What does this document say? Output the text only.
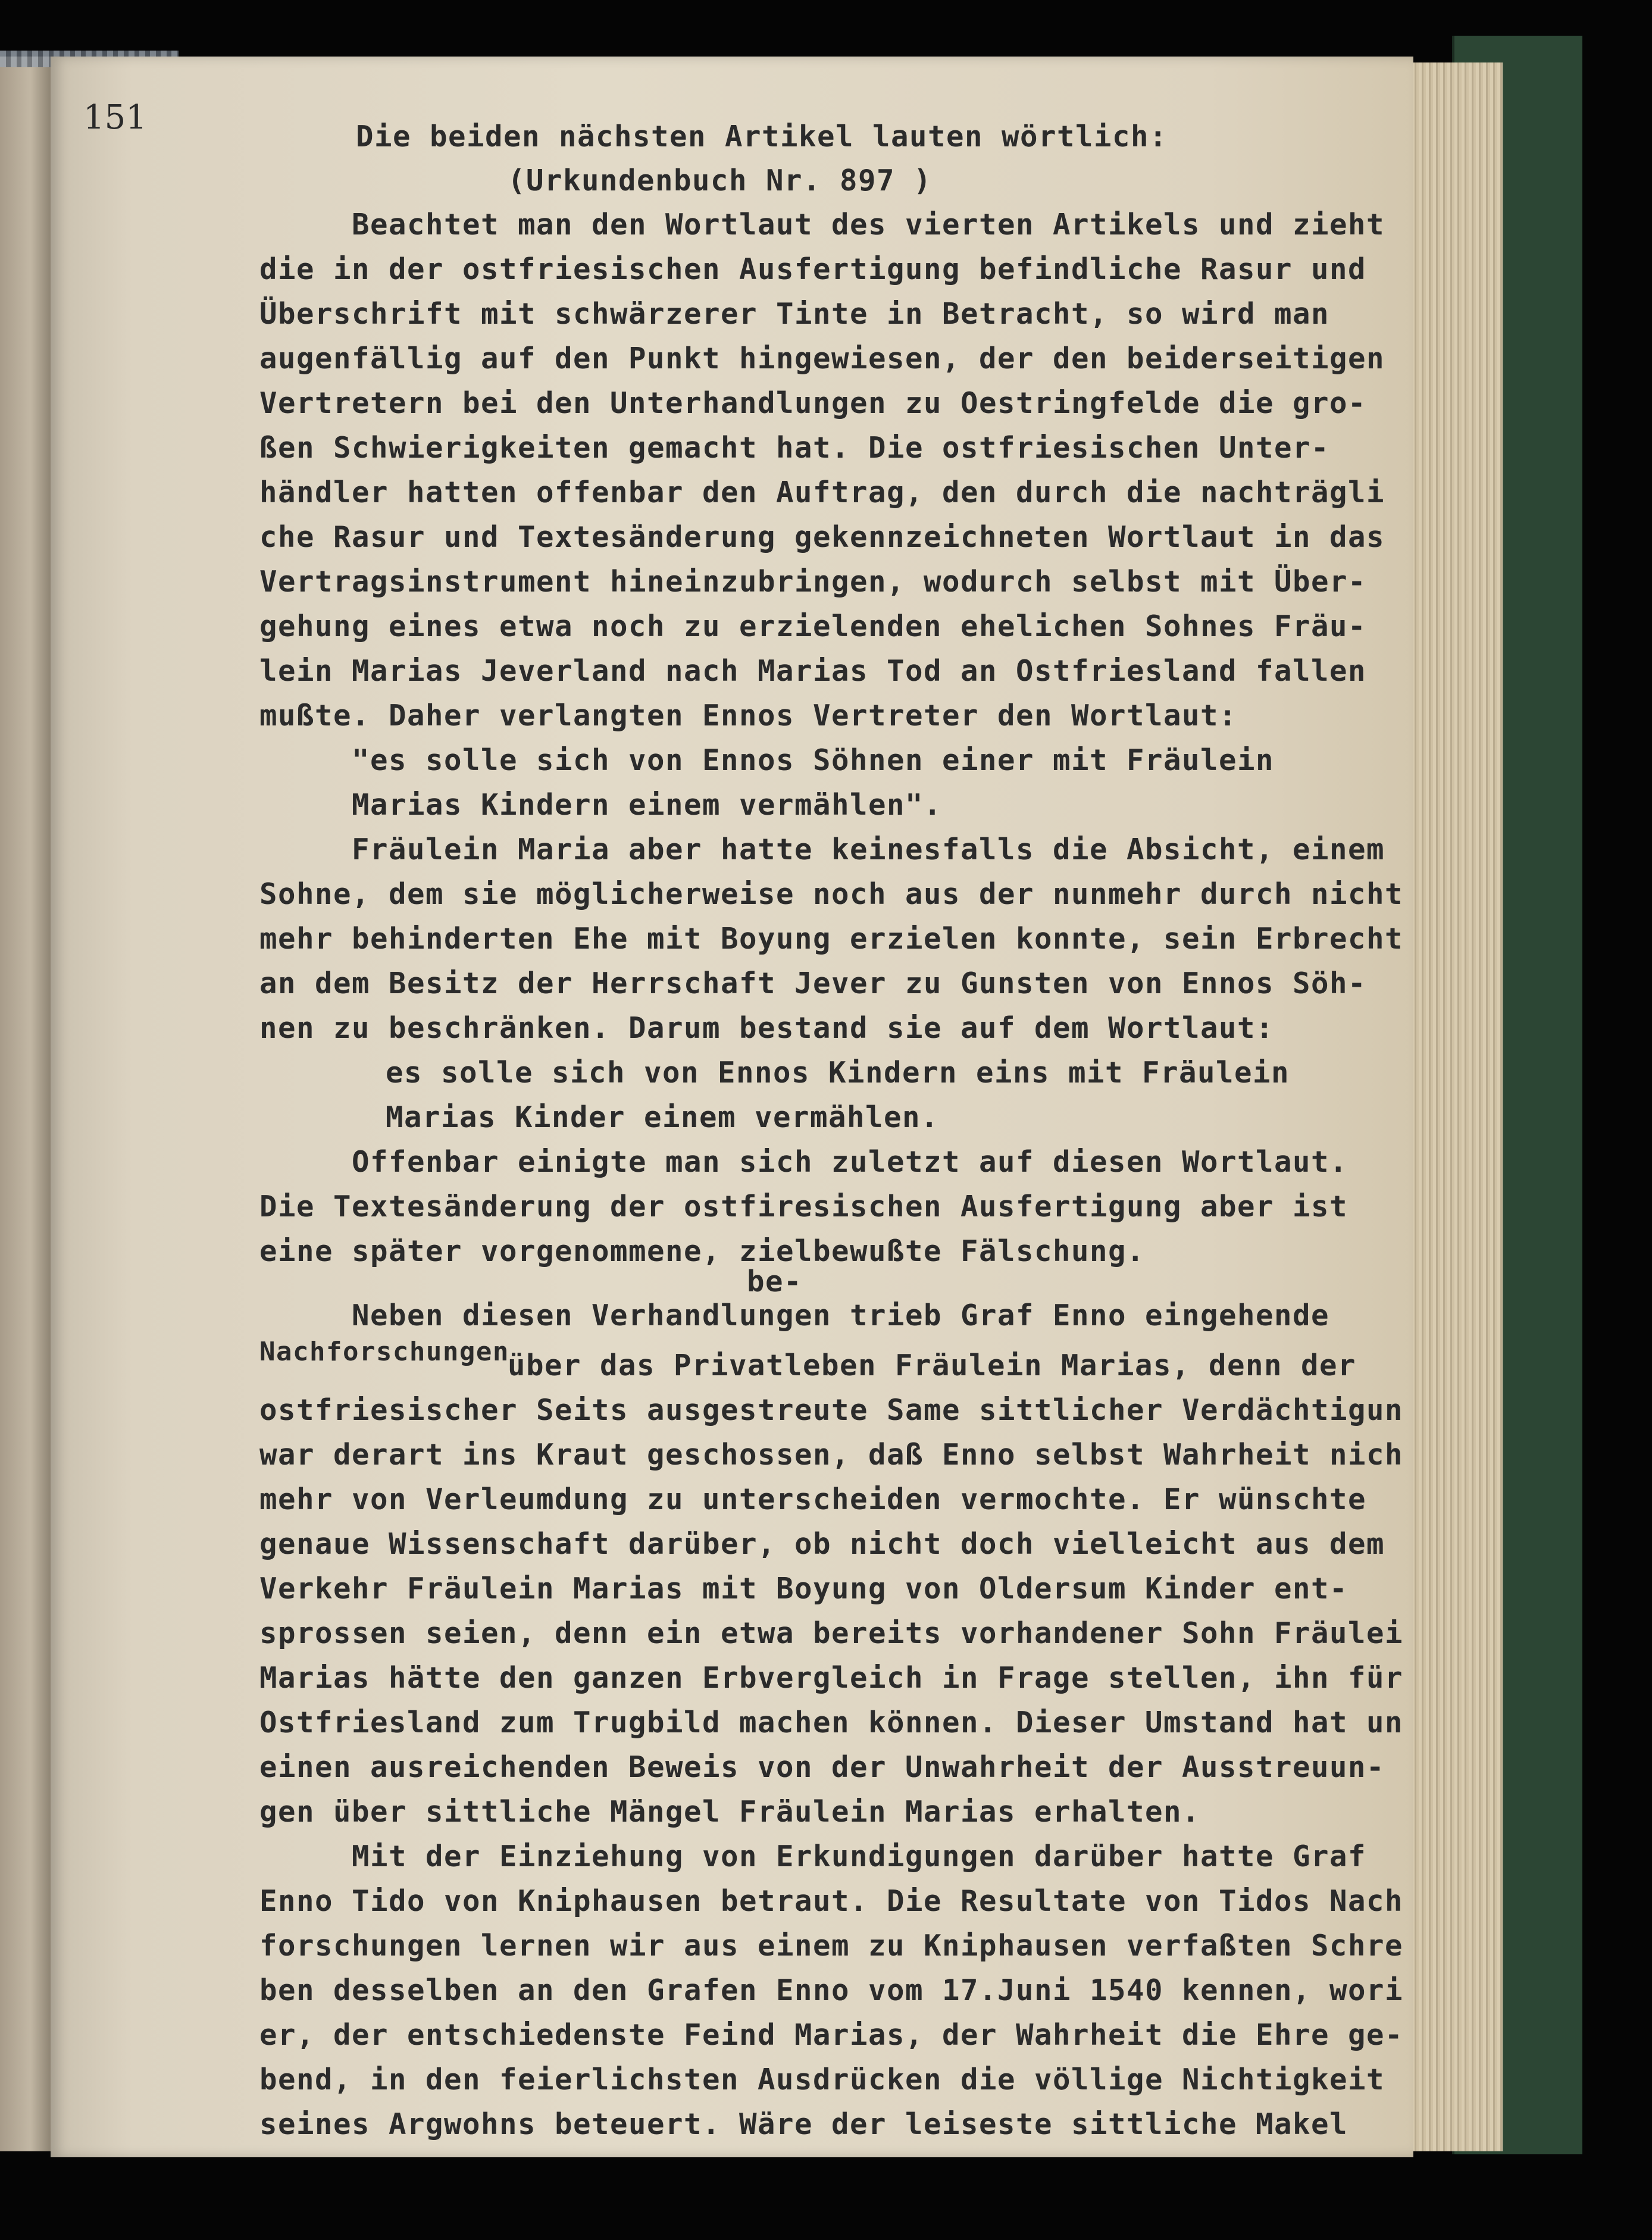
151

	Die beiden nächsten Artikel lauten wörtlich:

(Urkundenbuch Nr. 897 )

Beachtet man den Wortlaut des vierten Artikels und zieht

die in der ostfriesischen Ausfertigung befindliche Rasur und

Überschrift mit schwärzerer Tinte in Betracht, so wird man

augenfällig auf den Punkt hingewiesen, der den beiderseitigen

Vertretern bei den Unterhandlungen zu Oestringfelde die gro-

ßen Schwierigkeiten gemacht hat. Die ostfriesischen Unter-

händler hatten offenbar den Auftrag, den durch die nachträgli

che Rasur und Textesänderung gekennzeichneten Wortlaut in das

Vertragsinstrument hineinzubringen, wodurch selbst mit Über-

gehung eines etwa noch zu erzielenden ehelichen Sohnes Fräu-

lein Marias Jeverland nach Marias Tod an Ostfriesland fallen

mußte. Daher verlangten Ennos Vertreter den Wortlaut:

"es solle sich von Ennos Söhnen einer mit Fräulein

Marias Kindern einem vermählen".

Fräulein Maria aber hatte keinesfalls die Absicht, einem

Sohne, dem sie möglicherweise noch aus der nunmehr durch nicht

mehr behinderten Ehe mit Boyung erzielen konnte, sein Erbrecht

an dem Besitz der Herrschaft Jever zu Gunsten von Ennos Söh-

nen zu beschränken. Darum bestand sie auf dem Wortlaut:

es solle sich von Ennos Kindern eins mit Fräulein

Marias Kinder einem vermählen.

Offenbar einigte man sich zuletzt auf diesen Wortlaut.

Die Textesänderung der ostfiresischen Ausfertigung aber ist

eine später vorgenommene, zielbewußte Fälschung.

be-

Neben diesen Verhandlungen trieb Graf Enno eingehende

Nachforschungen

über das Privatleben Fräulein Marias, denn der

ostfriesischer Seits ausgestreute Same sittlicher Verdächtigun

war derart ins Kraut geschossen, daß Enno selbst Wahrheit nich

mehr von Verleumdung zu unterscheiden vermochte. Er wünschte

genaue Wissenschaft darüber, ob nicht doch vielleicht aus dem

Verkehr Fräulein Marias mit Boyung von Oldersum Kinder ent-

sprossen seien, denn ein etwa bereits vorhandener Sohn Fräulei

Marias hätte den ganzen Erbvergleich in Frage stellen, ihn für

Ostfriesland zum Trugbild machen können. Dieser Umstand hat un

einen ausreichenden Beweis von der Unwahrheit der Ausstreuun-

gen über sittliche Mängel Fräulein Marias erhalten.

Mit der Einziehung von Erkundigungen darüber hatte Graf

Enno Tido von Kniphausen betraut. Die Resultate von Tidos Nach

forschungen lernen wir aus einem zu Kniphausen verfaßten Schre

ben desselben an den Grafen Enno vom 17.Juni 1540 kennen, wori

er, der entschiedenste Feind Marias, der Wahrheit die Ehre ge-

bend, in den feierlichsten Ausdrücken die völlige Nichtigkeit

seines Argwohns beteuert. Wäre der leiseste sittliche Makel
